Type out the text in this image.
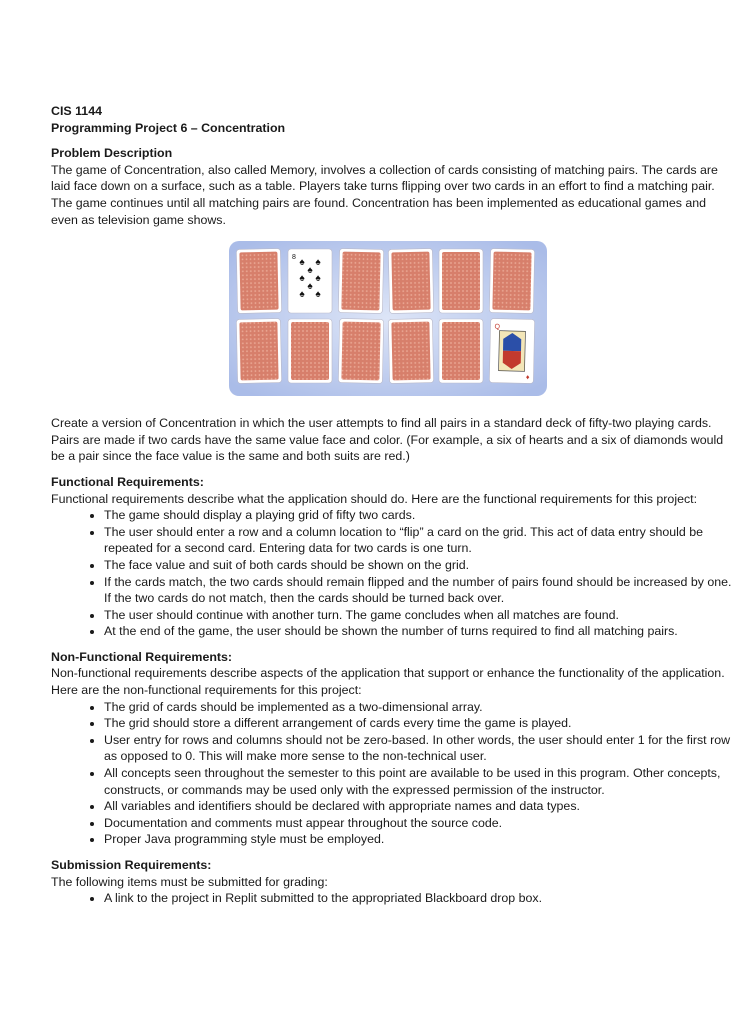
CIS 1144

Programming Project 6 – Concentration

Problem Description

The game of Concentration, also called Memory, involves a collection of cards consisting of matching pairs. The cards are laid face down on a surface, such as a table. Players take turns flipping over two cards in an effort to find a matching pair. The game continues until all matching pairs are found. Concentration has been implemented as educational games and even as television game shows.

♠ ♠
♠
♠ ♠
♠
♠ ♠
8
Q
♦

Create a version of Concentration in which the user attempts to find all pairs in a standard deck of fifty-two playing cards. Pairs are made if two cards have the same value face and color. (For example, a six of hearts and a six of diamonds would be a pair since the face value is the same and both suits are red.)

Functional Requirements:

Functional requirements describe what the application should do. Here are the functional requirements for this project:

• The game should display a playing grid of fifty two cards.
• The user should enter a row and a column location to “flip” a card on the grid. This act of data entry should be repeated for a second card. Entering data for two cards is one turn.
• The face value and suit of both cards should be shown on the grid.
• If the cards match, the two cards should remain flipped and the number of pairs found should be increased by one. If the two cards do not match, then the cards should be turned back over.
• The user should continue with another turn. The game concludes when all matches are found.
• At the end of the game, the user should be shown the number of turns required to find all matching pairs.

Non-Functional Requirements:

Non-functional requirements describe aspects of the application that support or enhance the functionality of the application. Here are the non-functional requirements for this project:

• The grid of cards should be implemented as a two-dimensional array.
• The grid should store a different arrangement of cards every time the game is played.
• User entry for rows and columns should not be zero-based. In other words, the user should enter 1 for the first row as opposed to 0. This will make more sense to the non-technical user.
• All concepts seen throughout the semester to this point are available to be used in this program. Other concepts, constructs, or commands may be used only with the expressed permission of the instructor.
• All variables and identifiers should be declared with appropriate names and data types.
• Documentation and comments must appear throughout the source code.
• Proper Java programming style must be employed.

Submission Requirements:

The following items must be submitted for grading:

• A link to the project in Replit submitted to the appropriated Blackboard drop box.
